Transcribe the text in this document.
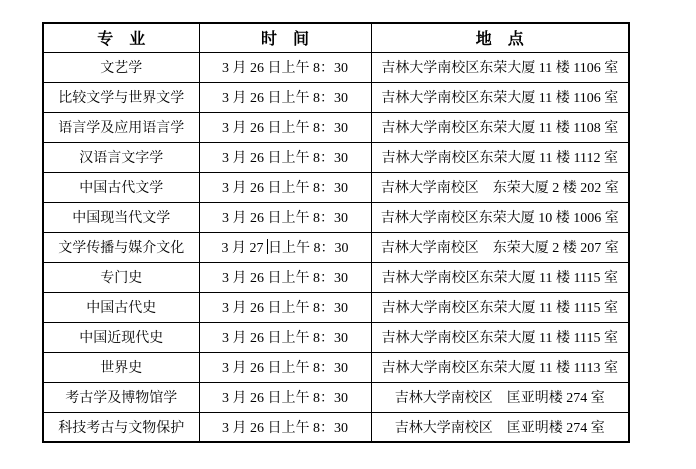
专　业	时　间	地　点
文艺学	3 月 26 日上午 8：30	吉林大学南校区东荣大厦 11 楼 1106 室
比较文学与世界文学	3 月 26 日上午 8：30	吉林大学南校区东荣大厦 11 楼 1106 室
语言学及应用语言学	3 月 26 日上午 8：30	吉林大学南校区东荣大厦 11 楼 1108 室
汉语言文字学	3 月 26 日上午 8：30	吉林大学南校区东荣大厦 11 楼 1112 室
中国古代文学	3 月 26 日上午 8：30	吉林大学南校区　东荣大厦 2 楼 202 室
中国现当代文学	3 月 26 日上午 8：30	吉林大学南校区东荣大厦 10 楼 1006 室
文学传播与媒介文化	3 月 27 日上午 8：30	吉林大学南校区　东荣大厦 2 楼 207 室
专门史	3 月 26 日上午 8：30	吉林大学南校区东荣大厦 11 楼 1115 室
中国古代史	3 月 26 日上午 8：30	吉林大学南校区东荣大厦 11 楼 1115 室
中国近现代史	3 月 26 日上午 8：30	吉林大学南校区东荣大厦 11 楼 1115 室
世界史	3 月 26 日上午 8：30	吉林大学南校区东荣大厦 11 楼 1113 室
考古学及博物馆学	3 月 26 日上午 8：30	吉林大学南校区　匡亚明楼 274 室
科技考古与文物保护	3 月 26 日上午 8：30	吉林大学南校区　匡亚明楼 274 室
